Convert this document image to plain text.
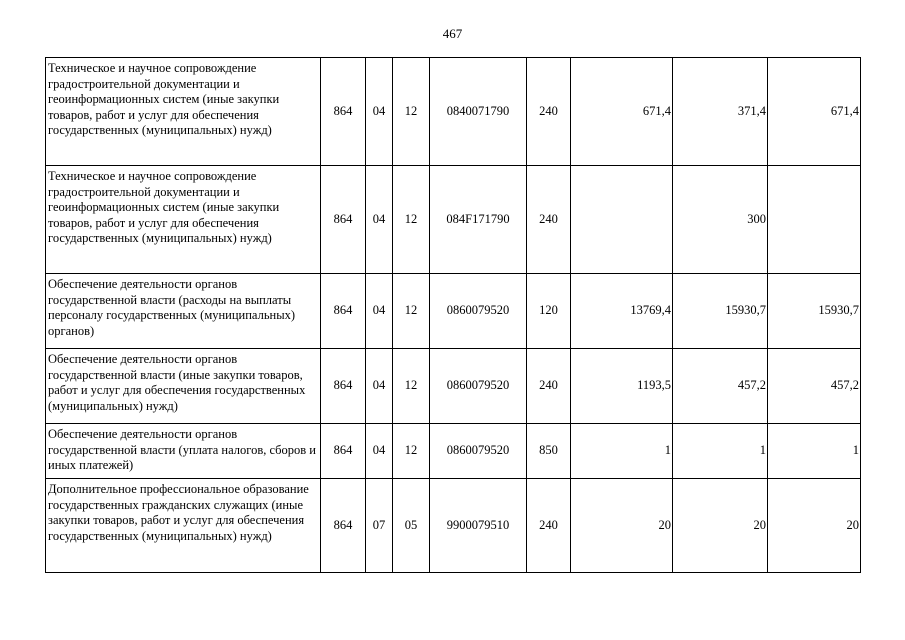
467
Техническое и научное сопровождение градостроительной документации и геоинформационных систем (иные закупки товаров, работ и услуг для обеспечения государственных (муниципальных) нужд)	864	04	12	0840071790	240	671,4	371,4	671,4
Техническое и научное сопровождение градостроительной документации и геоинформационных систем (иные закупки товаров, работ и услуг для обеспечения государственных (муниципальных) нужд)	864	04	12	084F171790	240		300	
Обеспечение деятельности органов государственной власти (расходы на выплаты персоналу государственных (муниципальных) органов)	864	04	12	0860079520	120	13769,4	15930,7	15930,7
Обеспечение деятельности органов государственной власти (иные закупки товаров, работ и услуг для обеспечения государственных (муниципальных) нужд)	864	04	12	0860079520	240	1193,5	457,2	457,2
Обеспечение деятельности органов государственной власти (уплата налогов, сборов и иных платежей)	864	04	12	0860079520	850	1	1	1
Дополнительное профессиональное образование государственных гражданских служащих (иные закупки товаров, работ и услуг для обеспечения государственных (муниципальных) нужд)	864	07	05	9900079510	240	20	20	20
